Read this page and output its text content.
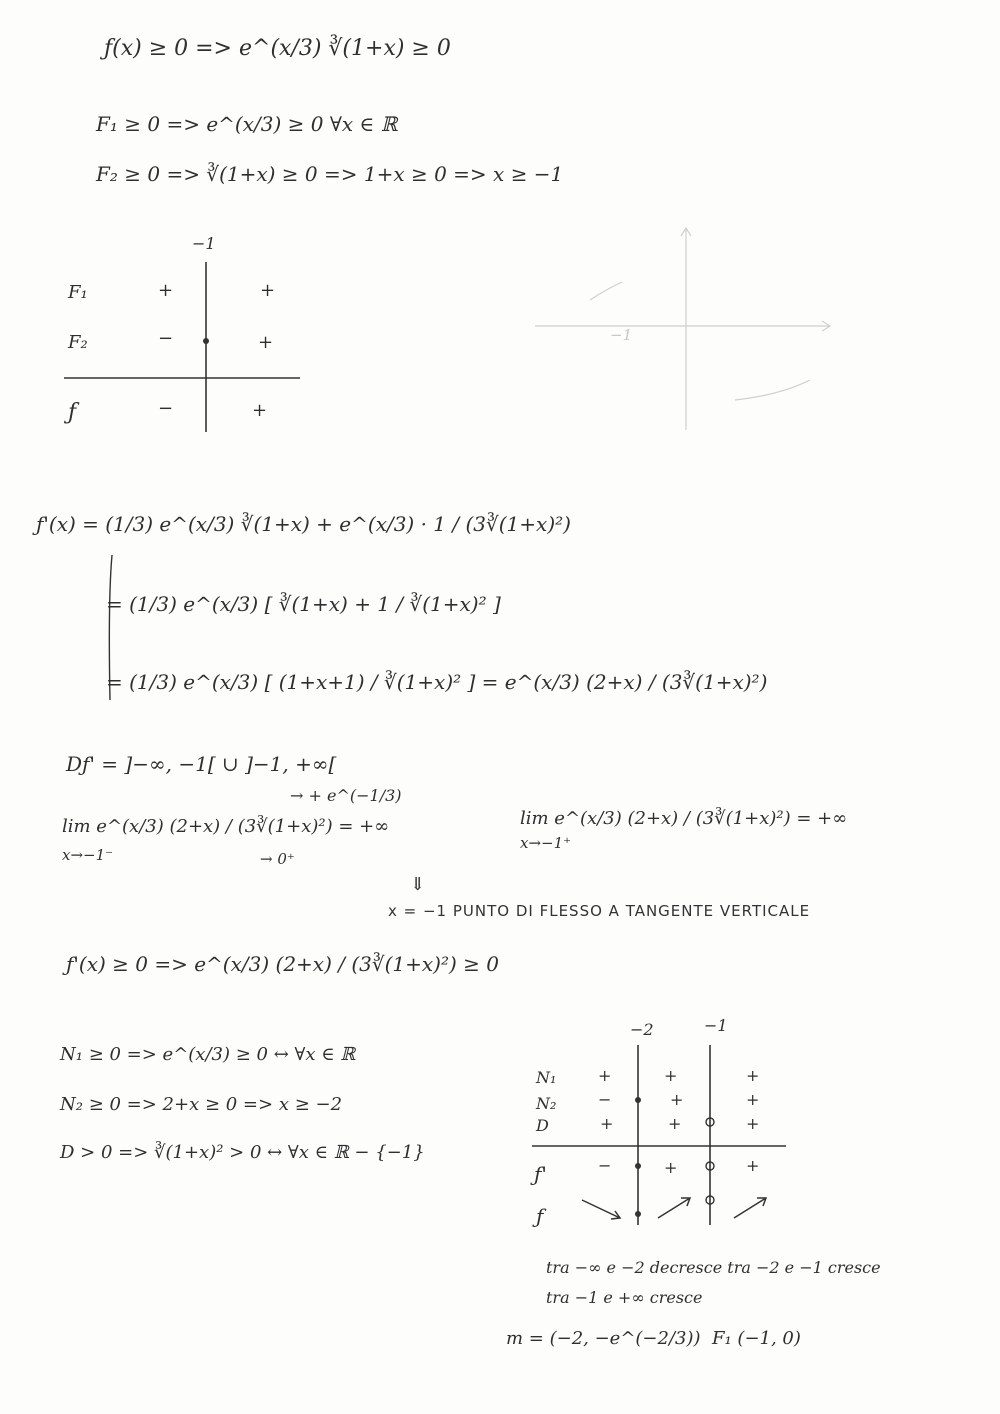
ƒ(x) ≥ 0 => e^(x/3) ∛(1+x) ≥ 0
F₁ ≥ 0 => e^(x/3) ≥ 0 ∀x ∈ ℝ
F₂ ≥ 0 => ∛(1+x) ≥ 0 => 1+x ≥ 0 => x ≥ −1
−1
F₁	+	+
F₂	−	+
ƒ	−	+
−1
ƒ'(x) = (1/3) e^(x/3) ∛(1+x) + e^(x/3) · 1 / (3∛(1+x)²)
= (1/3) e^(x/3) [ ∛(1+x) + 1 / ∛(1+x)² ]
= (1/3) e^(x/3) [ (1+x+1) / ∛(1+x)² ] = e^(x/3) (2+x) / (3∛(1+x)²)
Dƒ' = ]−∞, −1[ ∪ ]−1, +∞[
→ + e^(−1/3)
lim e^(x/3) (2+x) / (3∛(1+x)²) = +∞
x→−1⁻	→ 0⁺
lim e^(x/3) (2+x) / (3∛(1+x)²) = +∞
x→−1⁺
⇓
x = −1 PUNTO DI FLESSO A TANGENTE VERTICALE
ƒ'(x) ≥ 0 => e^(x/3) (2+x) / (3∛(1+x)²) ≥ 0
N₁ ≥ 0 => e^(x/3) ≥ 0 ↔ ∀x ∈ ℝ
N₂ ≥ 0 => 2+x ≥ 0 => x ≥ −2
D > 0 => ∛(1+x)² > 0 ↔ ∀x ∈ ℝ − {−1}
−2	−1
N₁	+	+	+
N₂	−	+	+
D	+	+	+
ƒ'	−	+	+
ƒ
tra −∞ e −2 decresce tra −2 e −1 cresce
tra −1 e +∞ cresce
m = (−2, −e^(−2/3)) F₁ (−1, 0)
